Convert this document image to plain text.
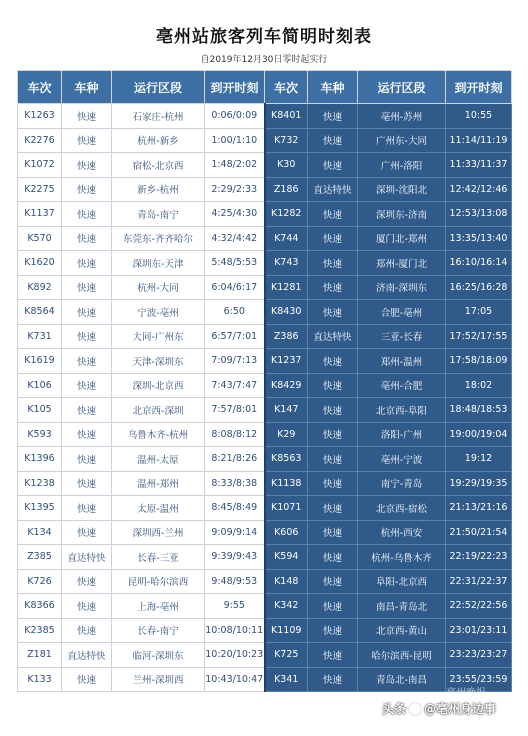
亳州站旅客列车简明时刻表
自2019年12月30日零时起实行
车次	车种	运行区段	到开时刻	车次	车种	运行区段	到开时刻
K1263	快速	石家庄-杭州	0:06/0:09	K8401	快速	亳州-苏州	10:55
K2276	快速	杭州-新乡	1:00/1:10	K732	快速	广州东-大同	11:14/11:19
K1072	快速	宿松-北京西	1:48/2:02	K30	快速	广州-洛阳	11:33/11:37
K2275	快速	新乡-杭州	2:29/2:33	Z186	直达特快	深圳-沈阳北	12:42/12:46
K1137	快速	青岛-南宁	4:25/4:30	K1282	快速	深圳东-济南	12:53/13:08
K570	快速	东莞东-齐齐哈尔	4:32/4:42	K744	快速	厦门北-郑州	13:35/13:40
K1620	快速	深圳东-天津	5:48/5:53	K743	快速	郑州-厦门北	16:10/16:14
K892	快速	杭州-大同	6:04/6:17	K1281	快速	济南-深圳东	16:25/16:28
K8564	快速	宁波-亳州	6:50	K8430	快速	合肥-亳州	17:05
K731	快速	大同-广州东	6:57/7:01	Z386	直达特快	三亚-长春	17:52/17:55
K1619	快速	天津-深圳东	7:09/7:13	K1237	快速	郑州-温州	17:58/18:09
K106	快速	深圳-北京西	7:43/7:47	K8429	快速	亳州-合肥	18:02
K105	快速	北京西-深圳	7:57/8:01	K147	快速	北京西-阜阳	18:48/18:53
K593	快速	乌鲁木齐-杭州	8:08/8:12	K29	快速	洛阳-广州	19:00/19:04
K1396	快速	温州-太原	8:21/8:26	K8563	快速	亳州-宁波	19:12
K1238	快速	温州-郑州	8:33/8:38	K1138	快速	南宁-青岛	19:29/19:35
K1395	快速	太原-温州	8:45/8:49	K1071	快速	北京西-宿松	21:13/21:16
K134	快速	深圳西-兰州	9:09/9:14	K606	快速	杭州-西安	21:50/21:54
Z385	直达特快	长春-三亚	9:39/9:43	K594	快速	杭州-乌鲁木齐	22:19/22:23
K726	快速	昆明-哈尔滨西	9:48/9:53	K148	快速	阜阳-北京西	22:31/22:37
K8366	快速	上海-亳州	9:55	K342	快速	南昌-青岛北	22:52/22:56
K2385	快速	长春-南宁	10:08/10:11	K1109	快速	北京西-黄山	23:01/23:11
Z181	直达特快	临河-深圳东	10:20/10:23	K725	快速	哈尔滨西-昆明	23:23/23:27
K133	快速	兰州-深圳西	10:43/10:47	K341	快速	青岛北-南昌	23:55/23:59
亳州晚报
头条 @亳州身边事
